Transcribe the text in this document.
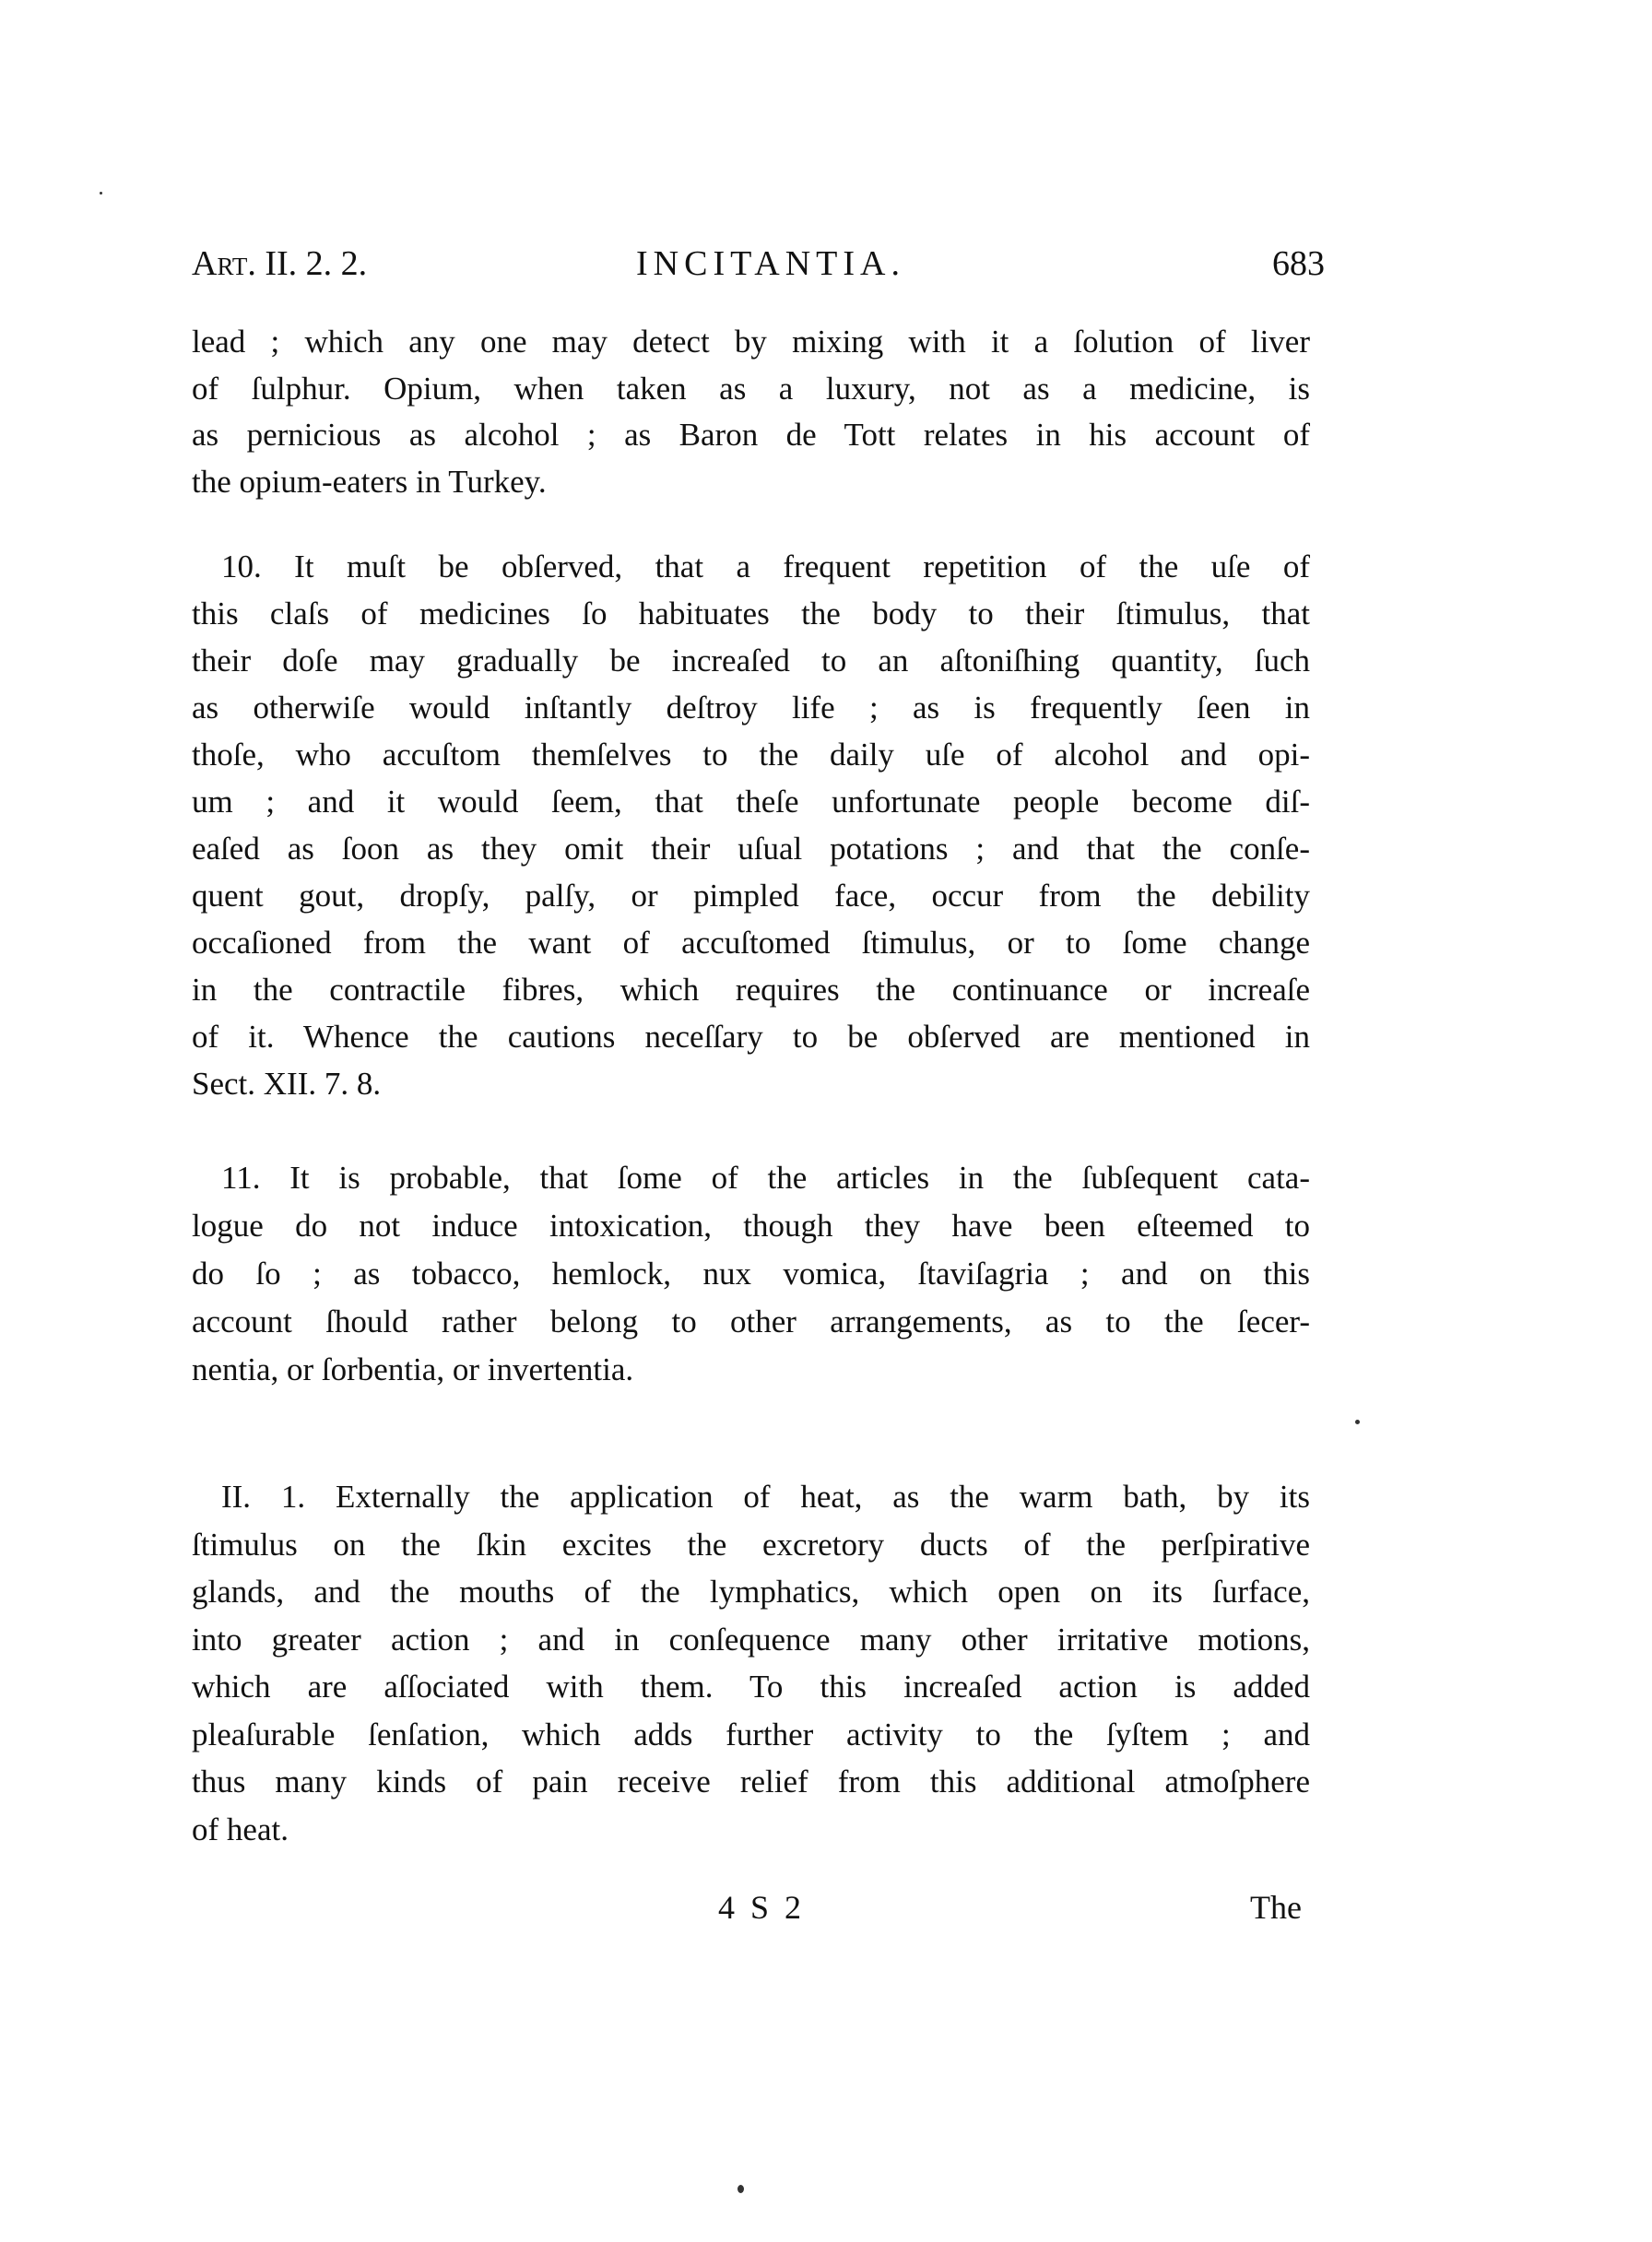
Art. II. 2. 2.	INCITANTIA.	683
lead ; which any one may detect by mixing with it a ſolution of liver
of ſulphur. Opium, when taken as a luxury, not as a medicine, is
as pernicious as alcohol ; as Baron de Tott relates in his account of
the opium-eaters in Turkey.
10. It muſt be obſerved, that a frequent repetition of the uſe of
this claſs of medicines ſo habituates the body to their ſtimulus, that
their doſe may gradually be increaſed to an aſtoniſhing quantity, ſuch
as otherwiſe would inſtantly deſtroy life ; as is frequently ſeen in
thoſe, who accuſtom themſelves to the daily uſe of alcohol and opi-
um ; and it would ſeem, that theſe unfortunate people become diſ-
eaſed as ſoon as they omit their uſual potations ; and that the conſe-
quent gout, dropſy, palſy, or pimpled face, occur from the debility
occaſioned from the want of accuſtomed ſtimulus, or to ſome change
in the contractile fibres, which requires the continuance or increaſe
of it. Whence the cautions neceſſary to be obſerved are mentioned in
Sect. XII. 7. 8.
11. It is probable, that ſome of the articles in the ſubſequent cata-
logue do not induce intoxication, though they have been eſteemed to
do ſo ; as tobacco, hemlock, nux vomica, ſtaviſagria ; and on this
account ſhould rather belong to other arrangements, as to the ſecer-
nentia, or ſorbentia, or invertentia.
II. 1. Externally the application of heat, as the warm bath, by its
ſtimulus on the ſkin excites the excretory ducts of the perſpirative
glands, and the mouths of the lymphatics, which open on its ſurface,
into greater action ; and in conſequence many other irritative motions,
which are aſſociated with them. To this increaſed action is added
pleaſurable ſenſation, which adds further activity to the ſyſtem ; and
thus many kinds of pain receive relief from this additional atmoſphere
of heat.
4 S 2	The
